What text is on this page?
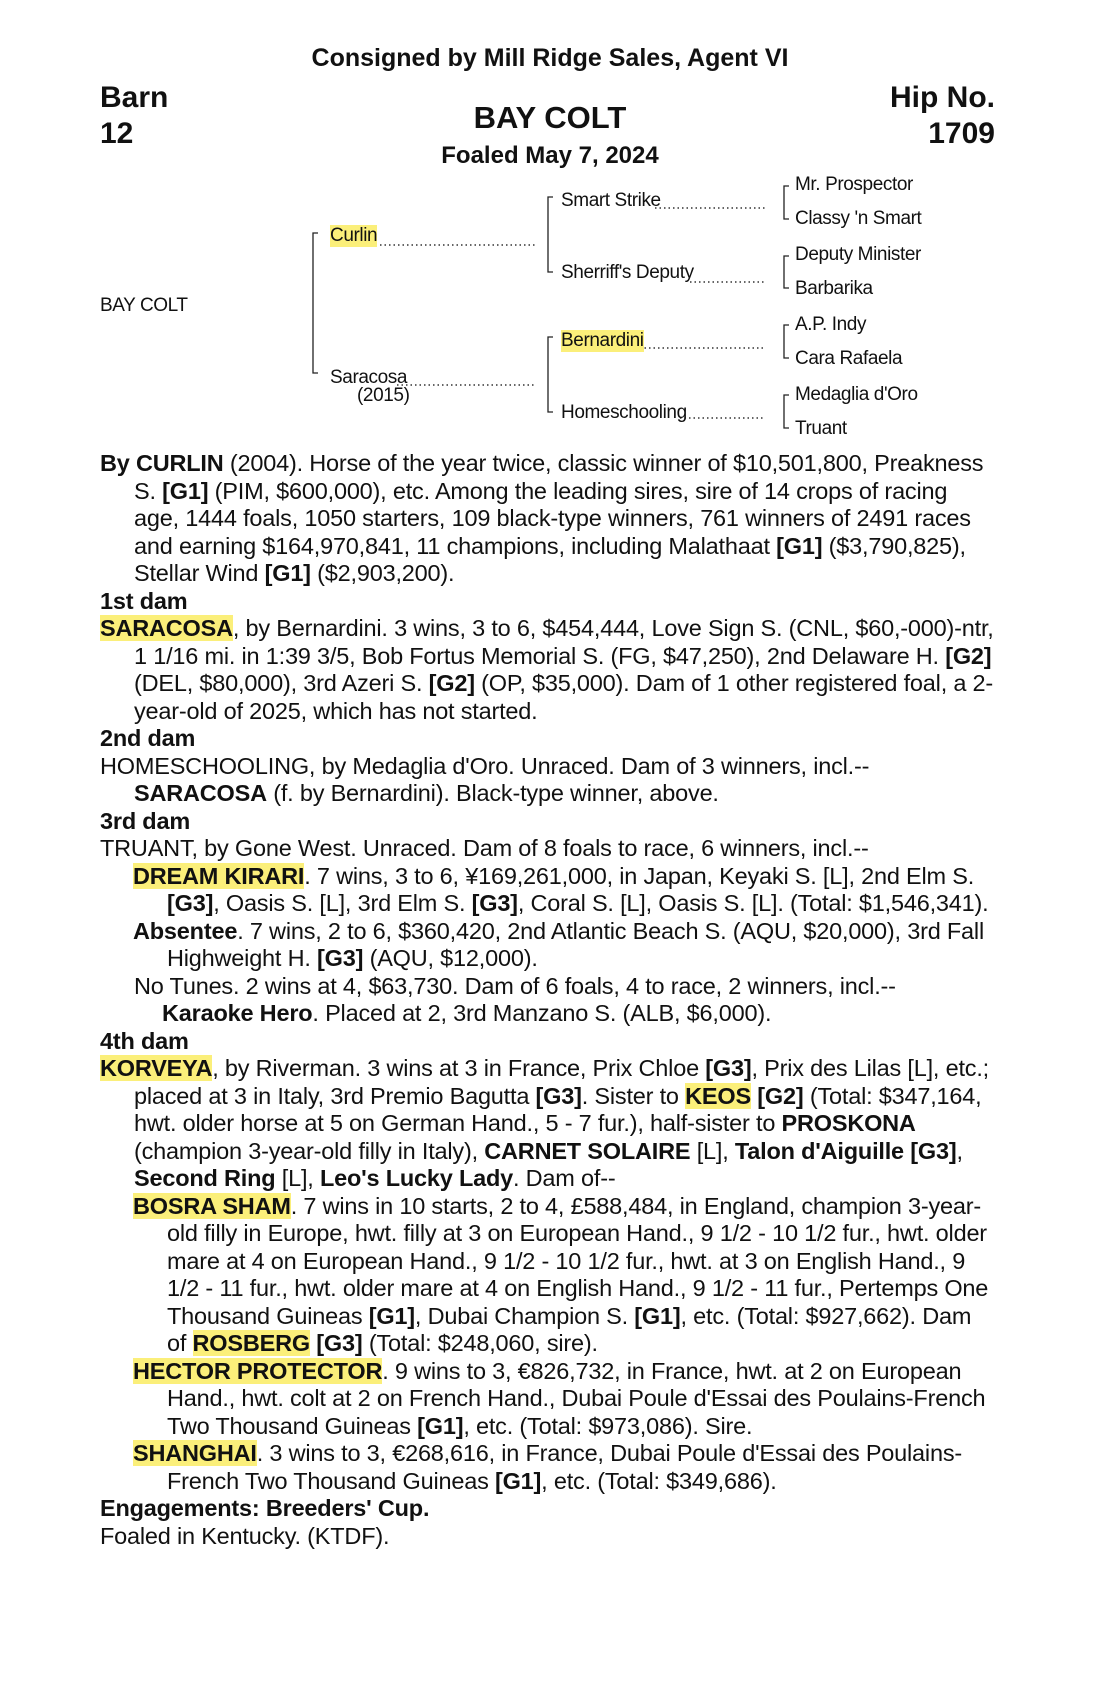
Consigned by Mill Ridge Sales, Agent VI
Barn
12
Hip No.
1709
BAY COLT
Foaled May 7, 2024
BAY COLT
Curlin
Saracosa
(2015)
Smart Strike
Sherriff's Deputy
Bernardini
Homeschooling
Mr. Prospector
Classy 'n Smart
Deputy Minister
Barbarika
A.P. Indy
Cara Rafaela
Medaglia d'Oro
Truant

By CURLIN (2004). Horse of the year twice, classic winner of $10,501,800, Preakness S. [G1] (PIM, $600,000), etc. Among the leading sires, sire of 14 crops of racing age, 1444 foals, 1050 starters, 109 black-type winners, 761 winners of 2491 races and earning $164,970,841, 11 champions, including Malathaat [G1] ($3,790,825), Stellar Wind [G1] ($2,903,200).

1st dam

SARACOSA, by Bernardini. 3 wins, 3 to 6, $454,444, Love Sign S. (CNL, $60,-000)-ntr, 1 1/16 mi. in 1:39 3/5, Bob Fortus Memorial S. (FG, $47,250), 2nd Delaware H. [G2] (DEL, $80,000), 3rd Azeri S. [G2] (OP, $35,000). Dam of 1 other registered foal, a 2-year-old of 2025, which has not started.

2nd dam

HOMESCHOOLING, by Medaglia d'Oro. Unraced. Dam of 3 winners, incl.--

SARACOSA (f. by Bernardini). Black-type winner, above.

3rd dam

TRUANT, by Gone West. Unraced. Dam of 8 foals to race, 6 winners, incl.--

DREAM KIRARI. 7 wins, 3 to 6, ¥169,261,000, in Japan, Keyaki S. [L], 2nd Elm S. [G3], Oasis S. [L], 3rd Elm S. [G3], Coral S. [L], Oasis S. [L]. (Total: $1,546,341).

Absentee. 7 wins, 2 to 6, $360,420, 2nd Atlantic Beach S. (AQU, $20,000), 3rd Fall Highweight H. [G3] (AQU, $12,000).

No Tunes. 2 wins at 4, $63,730. Dam of 6 foals, 4 to race, 2 winners, incl.--

Karaoke Hero. Placed at 2, 3rd Manzano S. (ALB, $6,000).

4th dam

KORVEYA, by Riverman. 3 wins at 3 in France, Prix Chloe [G3], Prix des Lilas [L], etc.; placed at 3 in Italy, 3rd Premio Bagutta [G3]. Sister to KEOS [G2] (Total: $347,164, hwt. older horse at 5 on German Hand., 5 - 7 fur.), half-sister to PROSKONA (champion 3-year-old filly in Italy), CARNET SOLAIRE [L], Talon d'Aiguille [G3], Second Ring [L], Leo's Lucky Lady. Dam of--

BOSRA SHAM. 7 wins in 10 starts, 2 to 4, £588,484, in England, champion 3-year-old filly in Europe, hwt. filly at 3 on European Hand., 9 1/2 - 10 1/2 fur., hwt. older mare at 4 on European Hand., 9 1/2 - 10 1/2 fur., hwt. at 3 on English Hand., 9 1/2 - 11 fur., hwt. older mare at 4 on English Hand., 9 1/2 - 11 fur., Pertemps One Thousand Guineas [G1], Dubai Champion S. [G1], etc. (Total: $927,662). Dam of ROSBERG [G3] (Total: $248,060, sire).

HECTOR PROTECTOR. 9 wins to 3, €826,732, in France, hwt. at 2 on European Hand., hwt. colt at 2 on French Hand., Dubai Poule d'Essai des Poulains-French Two Thousand Guineas [G1], etc. (Total: $973,086). Sire.

SHANGHAI. 3 wins to 3, €268,616, in France, Dubai Poule d'Essai des Poulains-French Two Thousand Guineas [G1], etc. (Total: $349,686).

Engagements: Breeders' Cup.

Foaled in Kentucky. (KTDF).
